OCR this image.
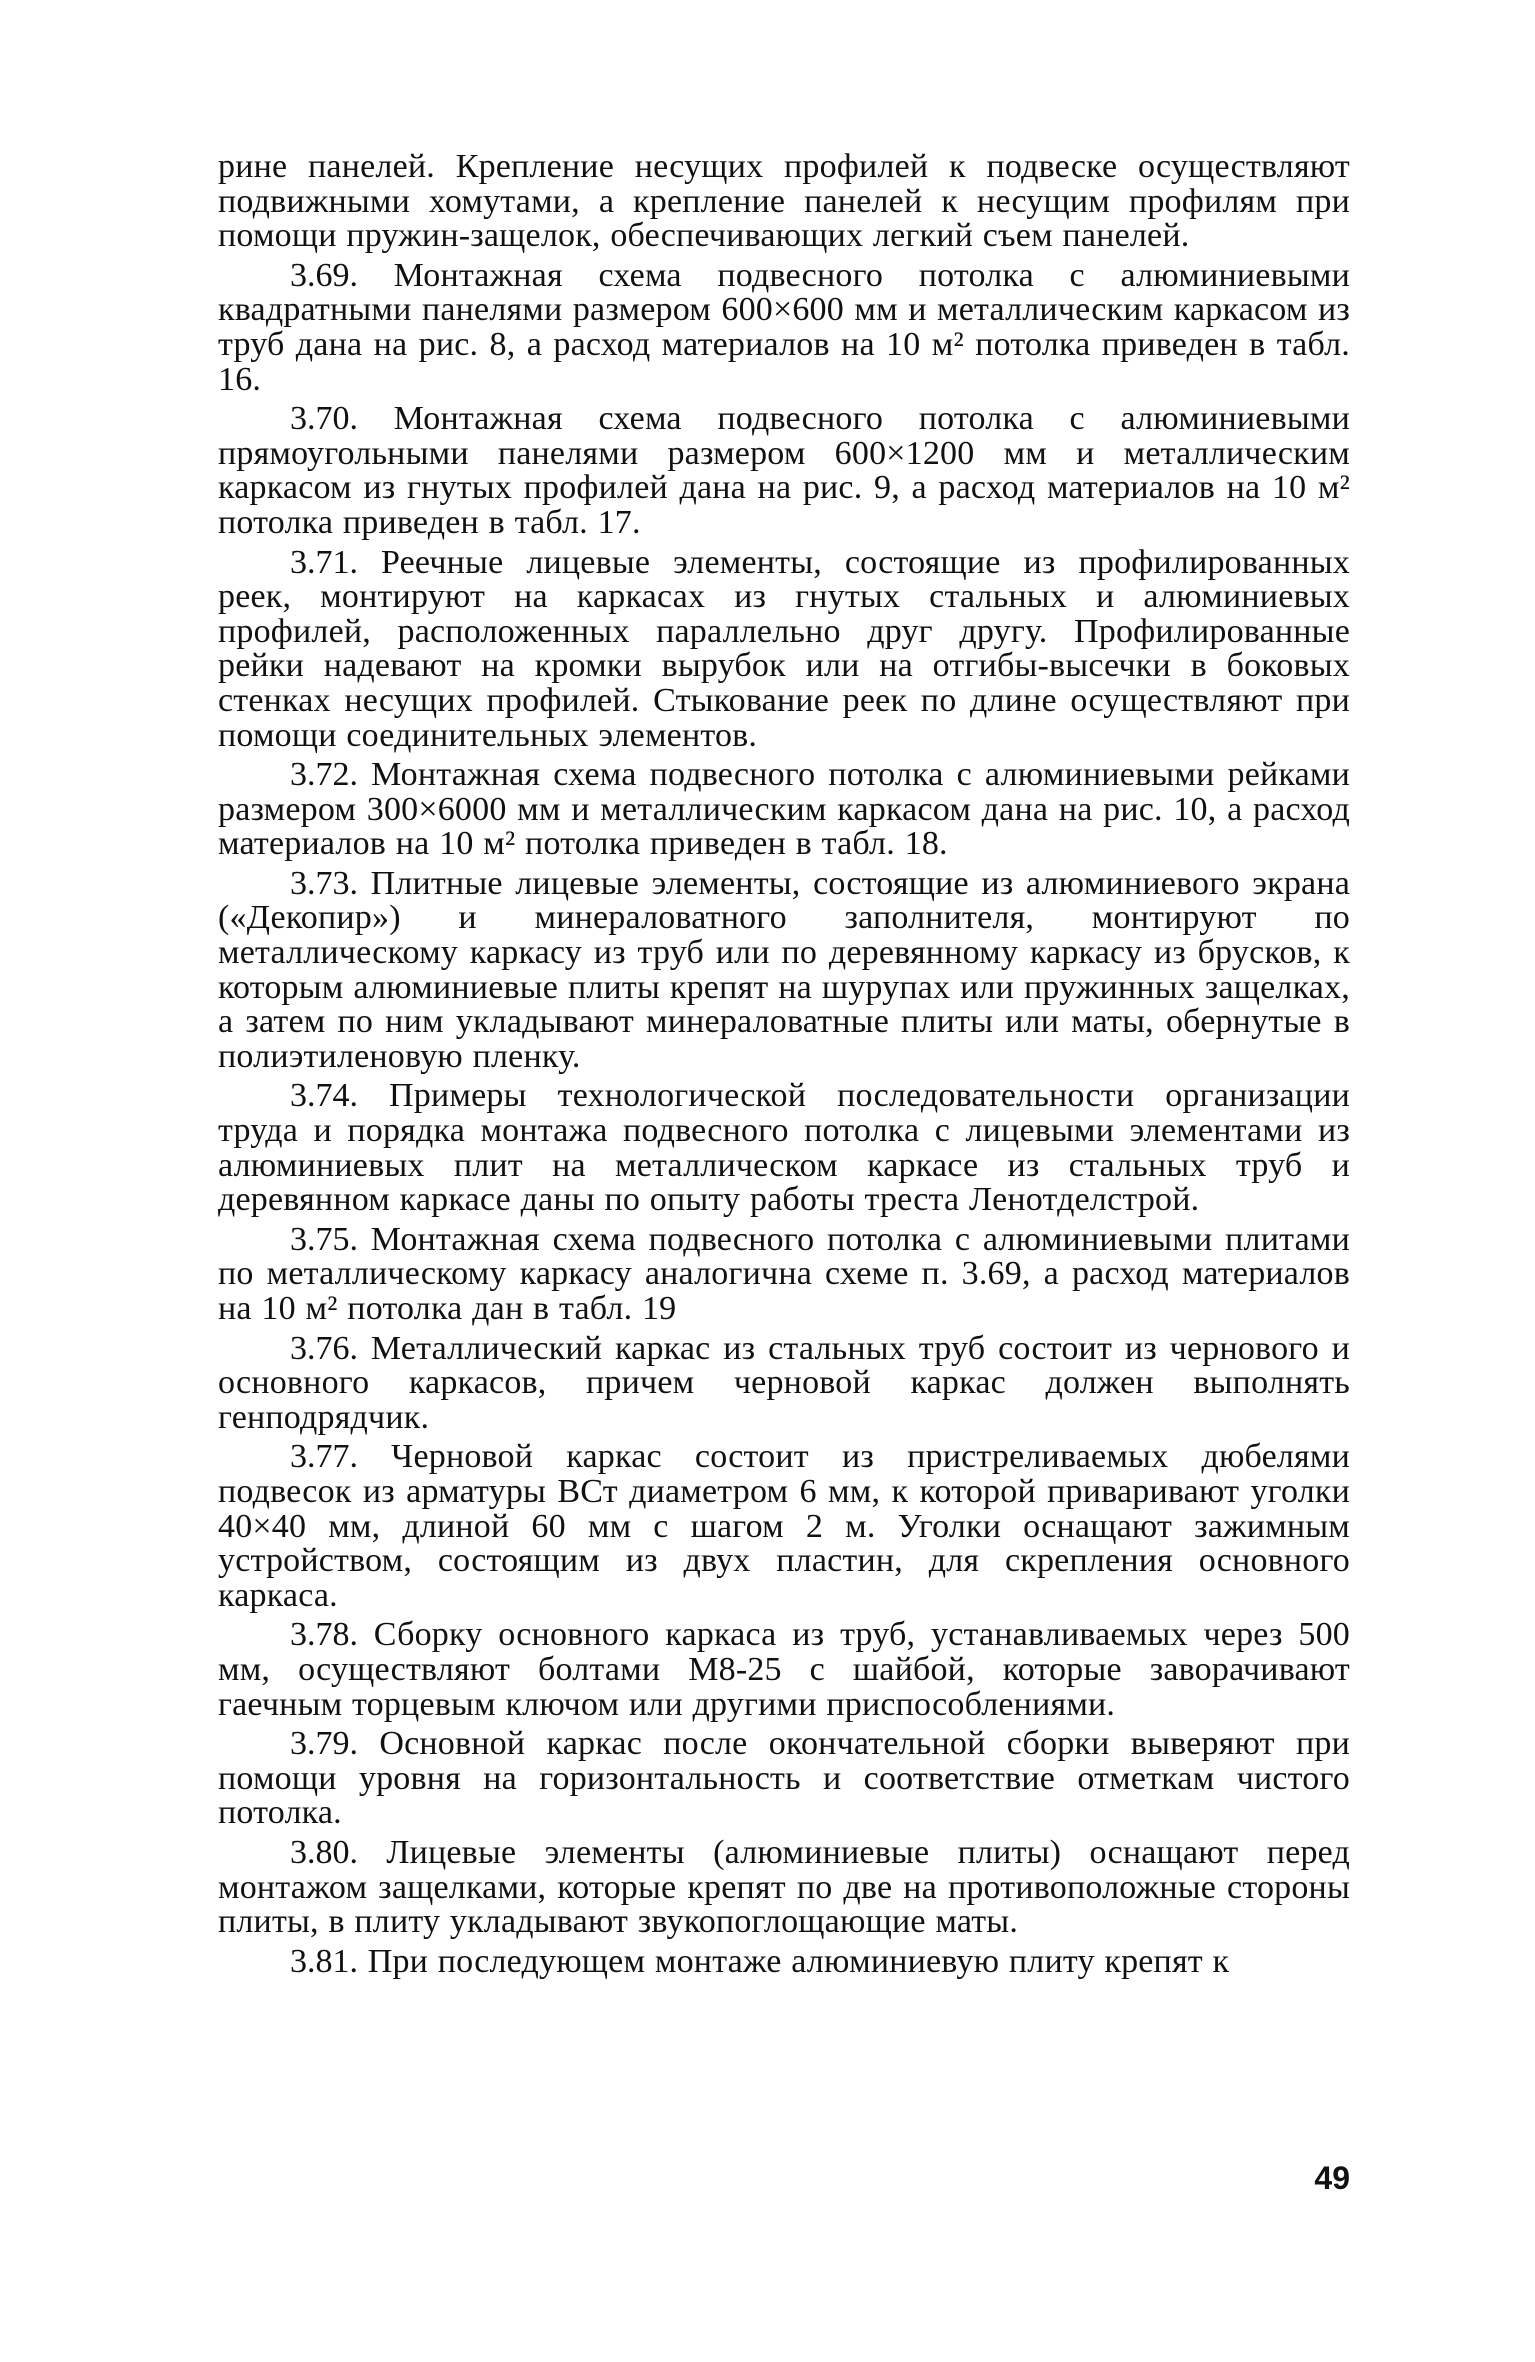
рине панелей. Крепление несущих профилей к подвеске осуществляют подвижными хомутами, а крепление панелей к несущим профилям при помощи пружин-защелок, обеспечивающих легкий съем панелей.

3.69. Монтажная схема подвесного потолка с алюминиевыми квадратными панелями размером 600×600 мм и металлическим каркасом из труб дана на рис. 8, а расход материалов на 10 м² потолка приведен в табл. 16.

3.70. Монтажная схема подвесного потолка с алюминиевыми прямоугольными панелями размером 600×1200 мм и металлическим каркасом из гнутых профилей дана на рис. 9, а расход материалов на 10 м² потолка приведен в табл. 17.

3.71. Реечные лицевые элементы, состоящие из профилированных реек, монтируют на каркасах из гнутых стальных и алюминиевых профилей, расположенных параллельно друг другу. Профилированные рейки надевают на кромки вырубок или на отгибы-высечки в боковых стенках несущих профилей. Стыкование реек по длине осуществляют при помощи соединительных элементов.

3.72. Монтажная схема подвесного потолка с алюминиевыми рейками размером 300×6000 мм и металлическим каркасом дана на рис. 10, а расход материалов на 10 м² потолка приведен в табл. 18.

3.73. Плитные лицевые элементы, состоящие из алюминиевого экрана («Декопир») и минераловатного заполнителя, монтируют по металлическому каркасу из труб или по деревянному каркасу из брусков, к которым алюминиевые плиты крепят на шурупах или пружинных защелках, а затем по ним укладывают минераловатные плиты или маты, обернутые в полиэтиленовую пленку.

3.74. Примеры технологической последовательности организации труда и порядка монтажа подвесного потолка с лицевыми элементами из алюминиевых плит на металлическом каркасе из стальных труб и деревянном каркасе даны по опыту работы треста Ленотделстрой.

3.75. Монтажная схема подвесного потолка с алюминиевыми плитами по металлическому каркасу аналогична схеме п. 3.69, а расход материалов на 10 м² потолка дан в табл. 19

3.76. Металлический каркас из стальных труб состоит из чернового и основного каркасов, причем черновой каркас должен выполнять генподрядчик.

3.77. Черновой каркас состоит из пристреливаемых дюбелями подвесок из арматуры ВСт диаметром 6 мм, к которой приваривают уголки 40×40 мм, длиной 60 мм с шагом 2 м. Уголки оснащают зажимным устройством, состоящим из двух пластин, для скрепления основного каркаса.

3.78. Сборку основного каркаса из труб, устанавливаемых через 500 мм, осуществляют болтами М8-25 с шайбой, которые заворачивают гаечным торцевым ключом или другими приспособлениями.

3.79. Основной каркас после окончательной сборки выверяют при помощи уровня на горизонтальность и соответствие отметкам чистого потолка.

3.80. Лицевые элементы (алюминиевые плиты) оснащают перед монтажом защелками, которые крепят по две на противоположные стороны плиты, в плиту укладывают звукопоглощающие маты.

3.81. При последующем монтаже алюминиевую плиту крепят к

49
